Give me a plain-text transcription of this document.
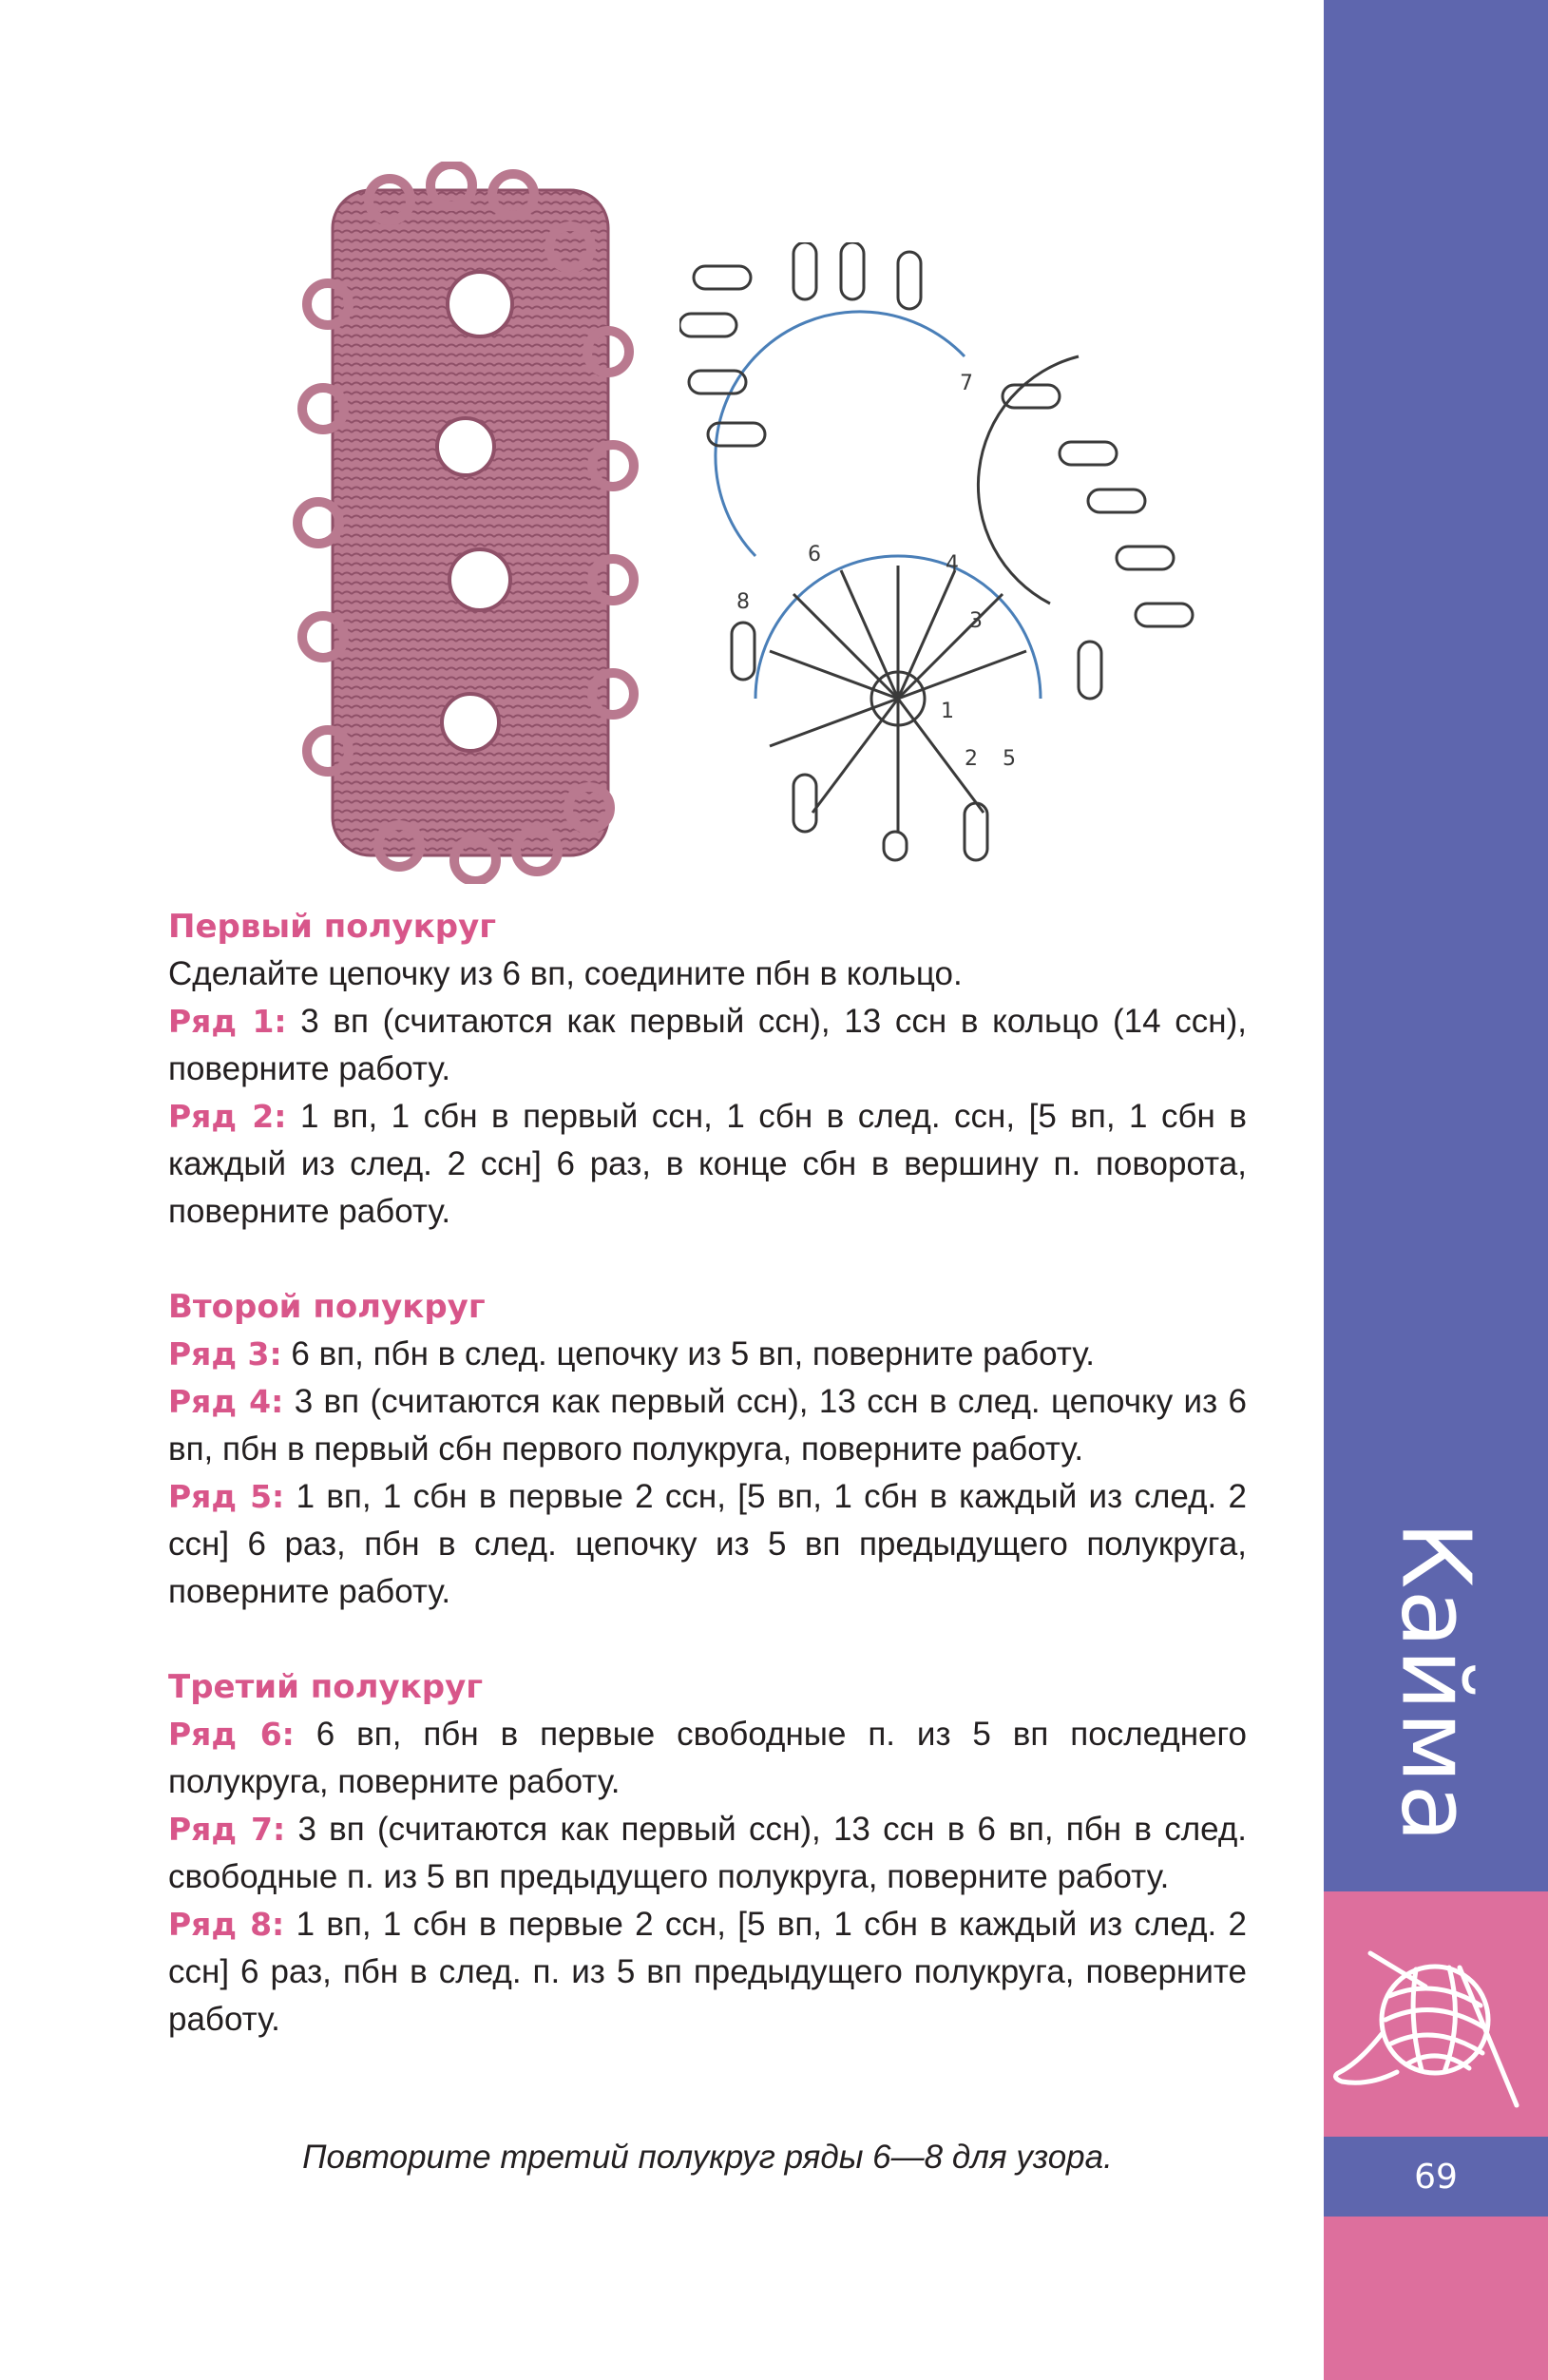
Кайма
69
1
2
3
4
5
6
7
8

Первый полукруг

Сделайте цепочку из 6 вп, соедините пбн в кольцо.

Ряд 1: 3 вп (считаются как первый ссн), 13 ссн в кольцо (14 ссн), поверните работу.

Ряд 2: 1 вп, 1 сбн в первый ссн, 1 сбн в след. ссн, [5 вп, 1 сбн в каждый из след. 2 ссн] 6 раз, в конце сбн в вершину п. поворота, поверните работу.

Второй полукруг

Ряд 3: 6 вп, пбн в след. цепочку из 5 вп, поверните работу.

Ряд 4: 3 вп (считаются как первый ссн), 13 ссн в след. цепочку из 6 вп, пбн в первый сбн первого полукруга, поверните работу.

Ряд 5: 1 вп, 1 сбн в первые 2 ссн, [5 вп, 1 сбн в каждый из след. 2 ссн] 6 раз, пбн в след. цепочку из 5 вп предыдущего полукруга, поверните работу.

Третий полукруг

Ряд 6: 6 вп, пбн в первые свободные п. из 5 вп последнего полукруга, поверните работу.

Ряд 7: 3 вп (считаются как первый ссн), 13 ссн в 6 вп, пбн в след. свободные п. из 5 вп предыдущего полукруга, поверните работу.

Ряд 8: 1 вп, 1 сбн в первые 2 ссн, [5 вп, 1 сбн в каждый из след. 2 ссн] 6 раз, пбн в след. п. из 5 вп предыдущего полукруга, поверните работу.

Повторите третий полукруг ряды 6—8 для узора.
